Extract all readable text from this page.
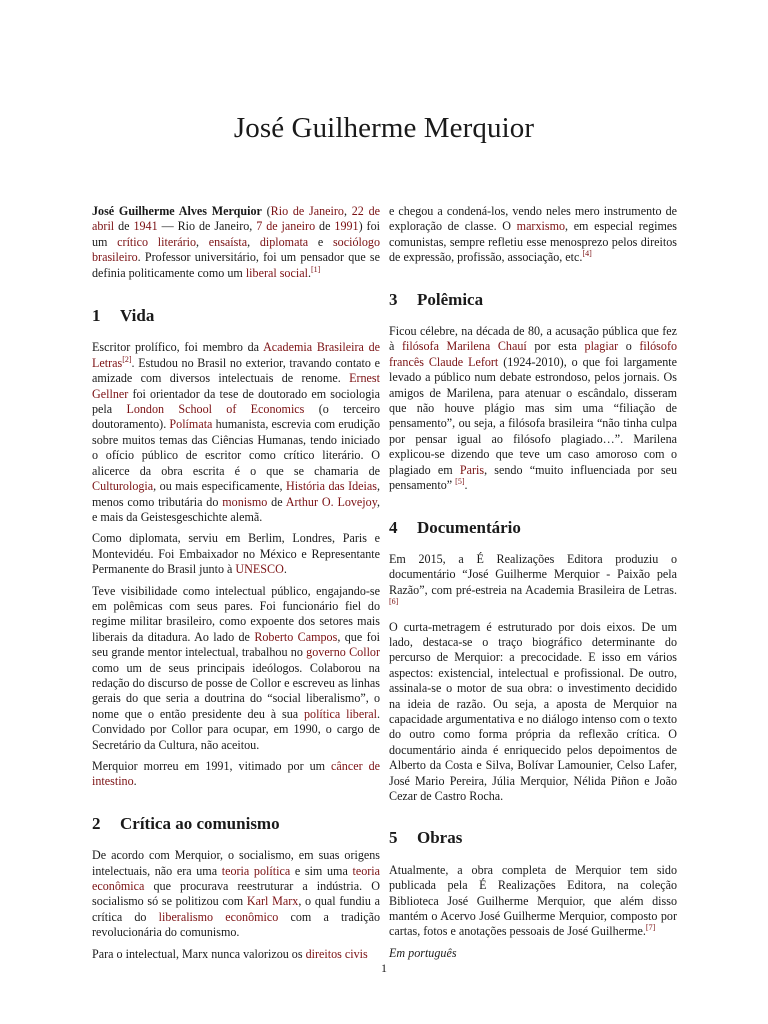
José Guilherme Merquior

José Guilherme Alves Merquior (Rio de Janeiro, 22 de abril de 1941 — Rio de Janeiro, 7 de janeiro de 1991) foi um crítico literário, ensaísta, diplomata e sociólogo brasileiro. Professor universitário, foi um pensador que se definia politicamente como um liberal social.[1]

1	Vida

Escritor prolífico, foi membro da Academia Brasileira de Letras[2]. Estudou no Brasil no exterior, travando contato e amizade com diversos intelectuais de renome. Ernest Gellner foi orientador da tese de doutorado em sociologia pela London School of Economics (o terceiro doutoramento). Polímata humanista, escrevia com erudição sobre muitos temas das Ciências Humanas, tendo iniciado o ofício público de escritor como crítico literário. O alicerce da obra escrita é o que se chamaria de Culturologia, ou mais especificamente, História das Ideias, menos como tributária do monismo de Arthur O. Lovejoy, e mais da Geistesgeschichte alemã.

Como diplomata, serviu em Berlim, Londres, Paris e Montevidéu. Foi Embaixador no México e Representante Permanente do Brasil junto à UNESCO.

Teve visibilidade como intelectual público, engajando-se em polêmicas com seus pares. Foi funcionário fiel do regime militar brasileiro, como expoente dos setores mais liberais da ditadura. Ao lado de Roberto Campos, que foi seu grande mentor intelectual, trabalhou no governo Collor como um de seus principais ideólogos. Colaborou na redação do discurso de posse de Collor e escreveu as linhas gerais do que seria a doutrina do “social liberalismo”, o nome que o então presidente deu à sua política liberal. Convidado por Collor para ocupar, em 1990, o cargo de Secretário da Cultura, não aceitou.

Merquior morreu em 1991, vitimado por um câncer de intestino.

2	Crítica ao comunismo

De acordo com Merquior, o socialismo, em suas origens intelectuais, não era uma teoria política e sim uma teoria econômica que procurava reestruturar a indústria. O socialismo só se politizou com Karl Marx, o qual fundiu a crítica do liberalismo econômico com a tradição revolucionária do comunismo.

Para o intelectual, Marx nunca valorizou os direitos civis

e chegou a condená-los, vendo neles mero instrumento de exploração de classe. O marxismo, em especial regimes comunistas, sempre refletiu esse menosprezo pelos direitos de expressão, profissão, associação, etc.[4]

3	Polêmica

Ficou célebre, na década de 80, a acusação pública que fez à filósofa Marilena Chauí por esta plagiar o filósofo francês Claude Lefort (1924-2010), o que foi largamente levado a público num debate estrondoso, pelos jornais. Os amigos de Marilena, para atenuar o escândalo, disseram que não houve plágio mas sim uma “filiação de pensamento”, ou seja, a filósofa brasileira “não tinha culpa por pensar igual ao filósofo plagiado…”. Marilena explicou-se dizendo que teve um caso amoroso com o plagiado em Paris, sendo “muito influenciada por seu pensamento” [5].

4	Documentário

Em 2015, a É Realizações Editora produziu o documentário “José Guilherme Merquior - Paixão pela Razão”, com pré-estreia na Academia Brasileira de Letras.[6]

O curta-metragem é estruturado por dois eixos. De um lado, destaca-se o traço biográfico determinante do percurso de Merquior: a precocidade. E isso em vários aspectos: existencial, intelectual e profissional. De outro, assinala-se o motor de sua obra: o investimento decidido na ideia de razão. Ou seja, a aposta de Merquior na capacidade argumentativa e no diálogo intenso com o texto do outro como forma própria da reflexão crítica. O documentário ainda é enriquecido pelos depoimentos de Alberto da Costa e Silva, Bolívar Lamounier, Celso Lafer, José Mario Pereira, Júlia Merquior, Nélida Piñon e João Cezar de Castro Rocha.

5	Obras

Atualmente, a obra completa de Merquior tem sido publicada pela É Realizações Editora, na coleção Biblioteca José Guilherme Merquior, que além disso mantém o Acervo José Guilherme Merquior, composto por cartas, fotos e anotações pessoais de José Guilherme.[7]

Em português

1
